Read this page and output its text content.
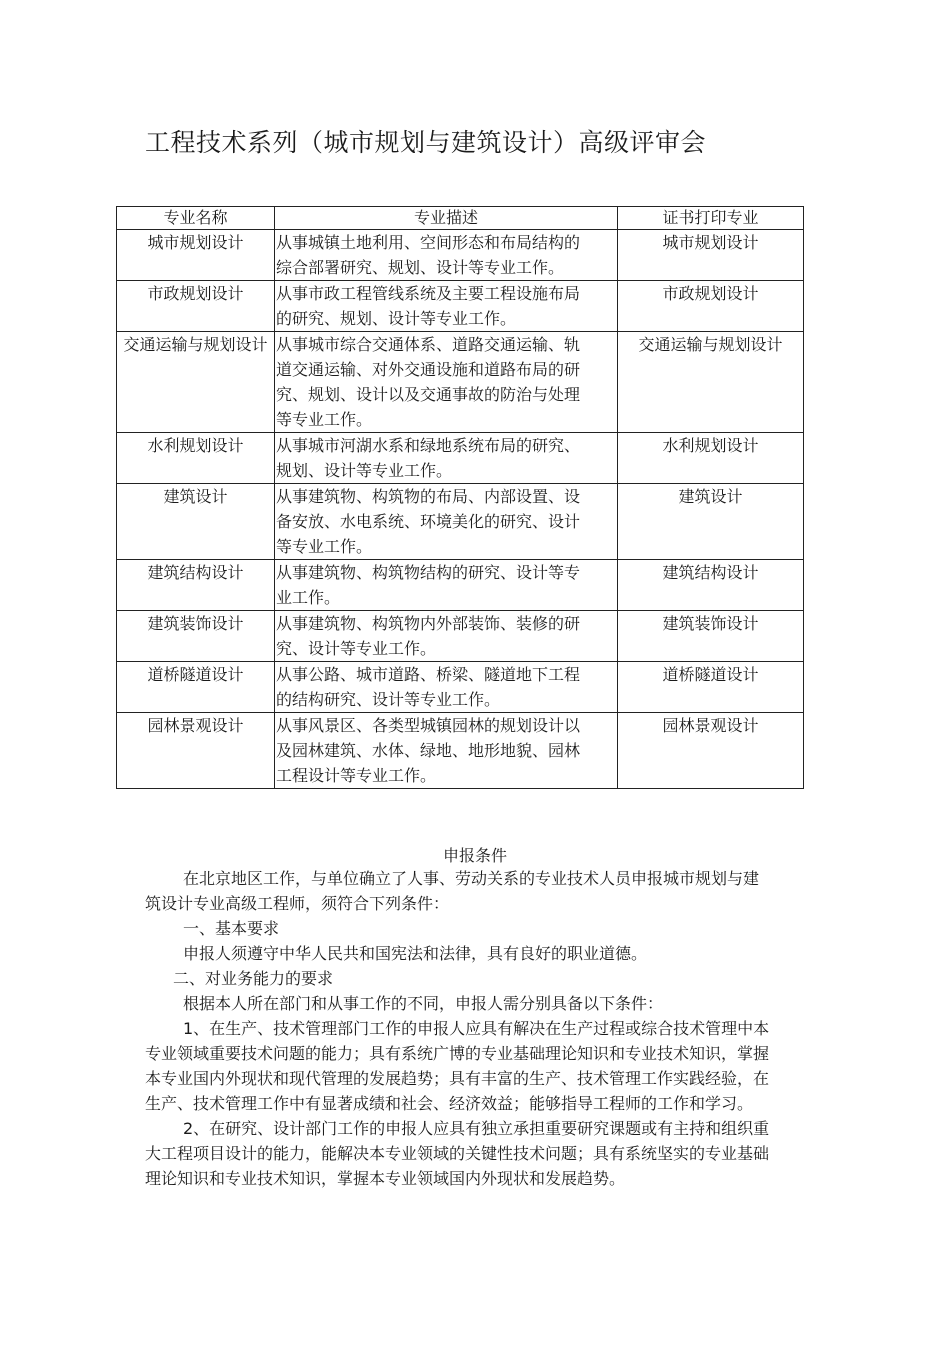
工程技术系列（城市规划与建筑设计）高级评审会
专业名称	专业描述	证书打印专业
城市规划设计	从事城镇土地利用、空间形态和布局结构的综合部署研究、规划、设计等专业工作。	城市规划设计
市政规划设计	从事市政工程管线系统及主要工程设施布局的研究、规划、设计等专业工作。	市政规划设计
交通运输与规划设计	从事城市综合交通体系、道路交通运输、轨道交通运输、对外交通设施和道路布局的研究、规划、设计以及交通事故的防治与处理等专业工作。	交通运输与规划设计
水利规划设计	从事城市河湖水系和绿地系统布局的研究、规划、设计等专业工作。	水利规划设计
建筑设计	从事建筑物、构筑物的布局、内部设置、设备安放、水电系统、环境美化的研究、设计等专业工作。	建筑设计
建筑结构设计	从事建筑物、构筑物结构的研究、设计等专业工作。	建筑结构设计
建筑装饰设计	从事建筑物、构筑物内外部装饰、装修的研究、设计等专业工作。	建筑装饰设计
道桥隧道设计	从事公路、城市道路、桥梁、隧道地下工程的结构研究、设计等专业工作。	道桥隧道设计
园林景观设计	从事风景区、各类型城镇园林的规划设计以及园林建筑、水体、绿地、地形地貌、园林工程设计等专业工作。	园林景观设计
申报条件

在北京地区工作，与单位确立了人事、劳动关系的专业技术人员申报城市规划与建筑设计专业高级工程师，须符合下列条件：

一、基本要求

申报人须遵守中华人民共和国宪法和法律，具有良好的职业道德。

二、对业务能力的要求

根据本人所在部门和从事工作的不同，申报人需分别具备以下条件：

1、在生产、技术管理部门工作的申报人应具有解决在生产过程或综合技术管理中本专业领域重要技术问题的能力；具有系统广博的专业基础理论知识和专业技术知识，掌握本专业国内外现状和现代管理的发展趋势；具有丰富的生产、技术管理工作实践经验，在生产、技术管理工作中有显著成绩和社会、经济效益；能够指导工程师的工作和学习。

2、在研究、设计部门工作的申报人应具有独立承担重要研究课题或有主持和组织重大工程项目设计的能力，能解决本专业领域的关键性技术问题；具有系统坚实的专业基础理论知识和专业技术知识，掌握本专业领域国内外现状和发展趋势。
